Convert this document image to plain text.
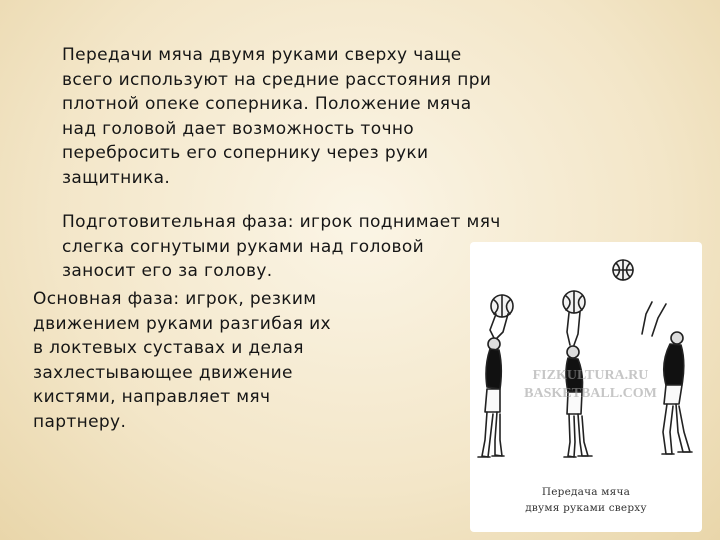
Передачи мяча двумя руками сверху чаще
всего используют на средние расстояния при
плотной опеке соперника. Положение мяча
над головой дает возможность точно
перебросить его сопернику через руки
защитника.
Подготовительная фаза: игрок поднимает мяч
слегка согнутыми руками над головой
заносит его за голову.
FIZKULTURA.RU
BASKETBALL.COM
Передача мяча
двумя руками сверху
Основная фаза: игрок, резким
движением руками разгибая их
в локтевых суставах и делая
захлестывающее движение
кистями, направляет мяч
партнеру.
